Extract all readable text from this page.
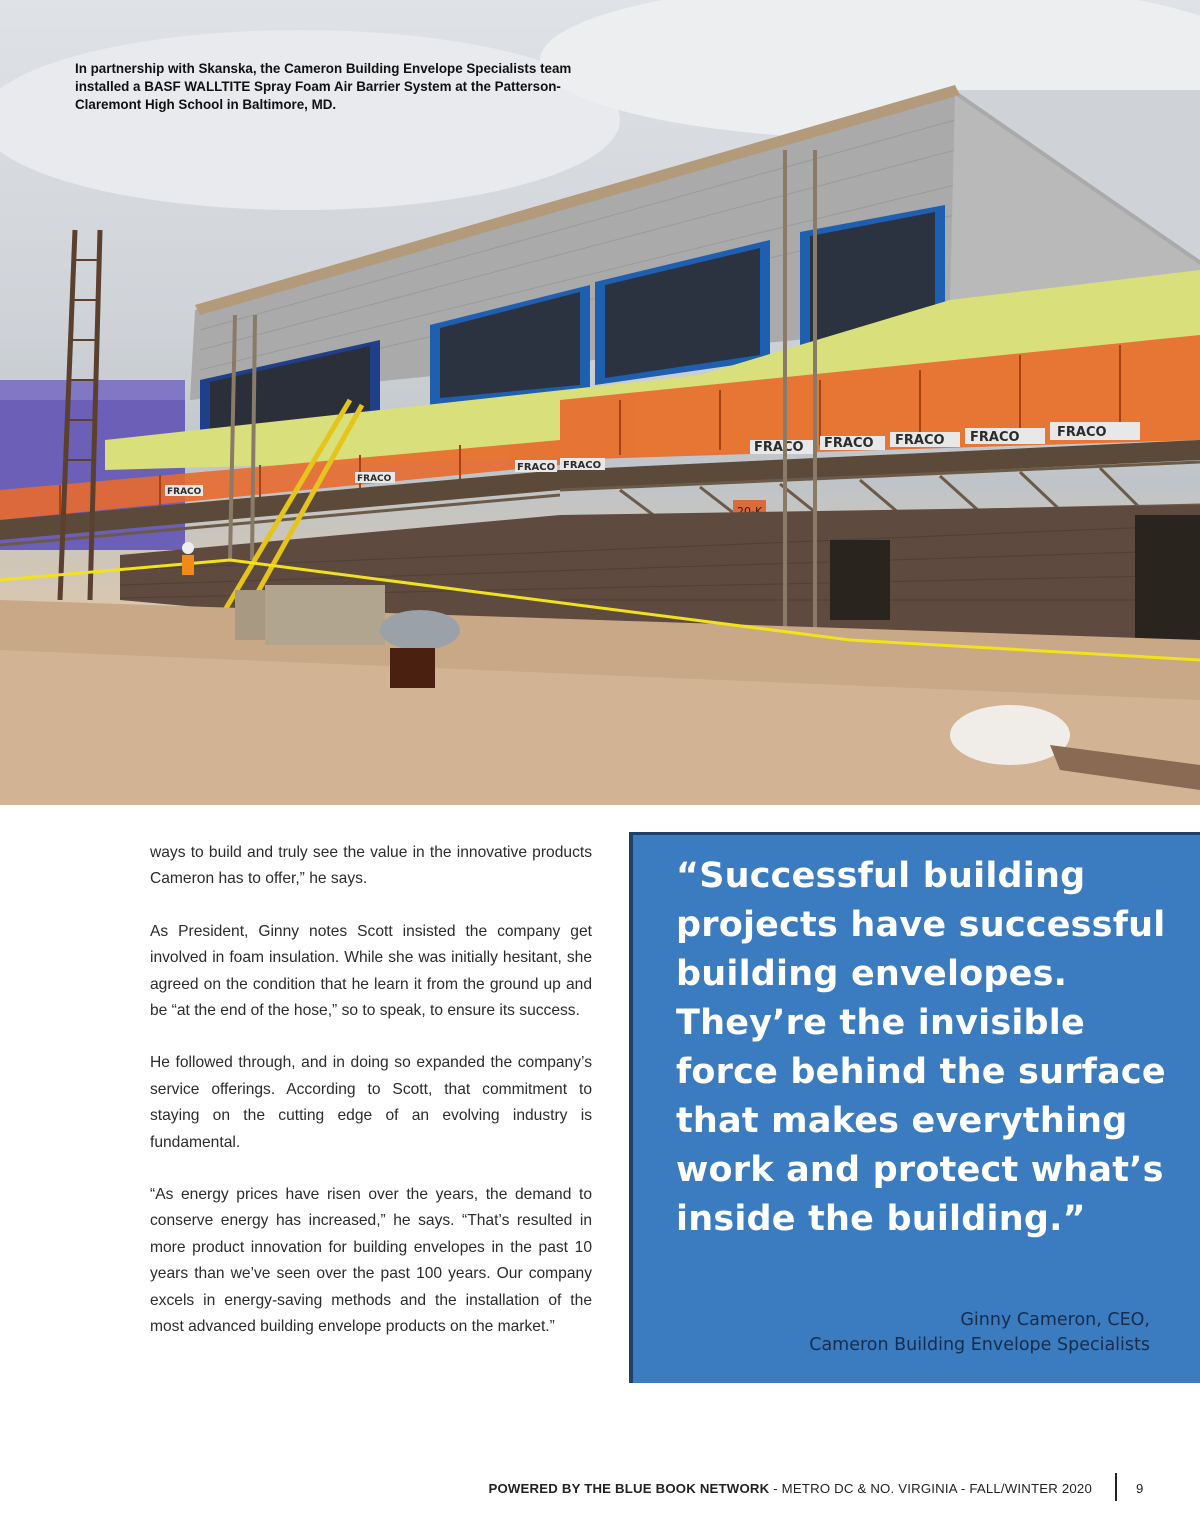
FRACO
FRACO
FRACO
FRACO
FRACO
FRACO
FRACO
FRACO
FRACO
20-K
In partnership with Skanska, the Cameron Building Envelope Specialists team installed a BASF WALLTITE Spray Foam Air Barrier System at the Patterson-Claremont High School in Baltimore, MD.

ways to build and truly see the value in the innovative products Cameron has to offer,” he says.

As President, Ginny notes Scott insisted the company get involved in foam insulation. While she was initially hesitant, she agreed on the condition that he learn it from the ground up and be “at the end of the hose,” so to speak, to ensure its success.

He followed through, and in doing so expanded the company’s service offerings. According to Scott, that commitment to staying on the cutting edge of an evolving industry is fundamental.

“As energy prices have risen over the years, the demand to conserve energy has increased,” he says. “That’s resulted in more product innovation for building envelopes in the past 10 years than we’ve seen over the past 100 years. Our company excels in energy-saving methods and the installation of the most advanced building envelope products on the market.”

“Successful building projects have successful building envelopes. They’re the invisible force behind the surface that makes everything work and protect what’s inside the building.”
Ginny Cameron, CEO,
Cameron Building Envelope Specialists
POWERED BY THE BLUE BOOK NETWORK - METRO DC & NO. VIRGINIA - FALL/WINTER 2020	9
